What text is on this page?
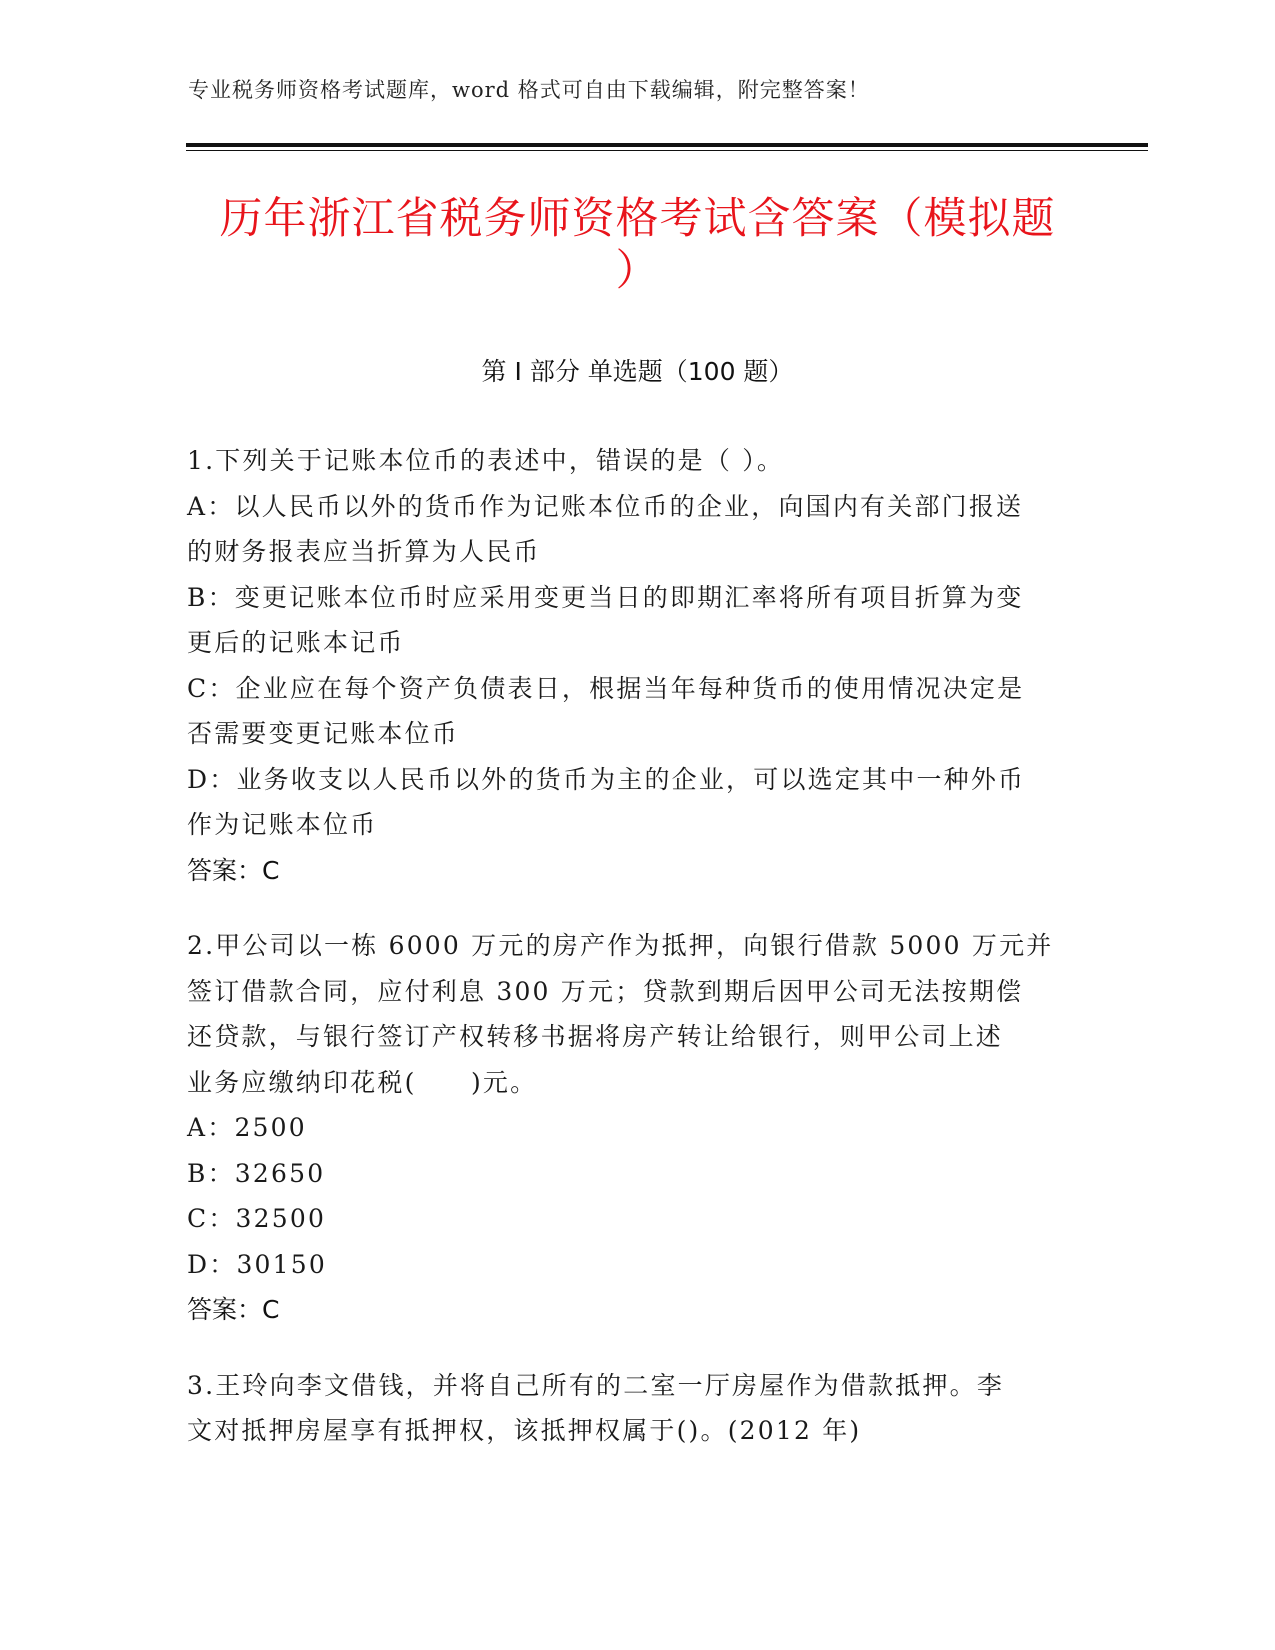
专业税务师资格考试题库，word 格式可自由下载编辑，附完整答案！
历年浙江省税务师资格考试含答案（模拟题
）
第 I 部分 单选题（100 题）

1.下列关于记账本位币的表述中，错误的是（ ）。

A：以人民币以外的货币作为记账本位币的企业，向国内有关部门报送

的财务报表应当折算为人民币

B：变更记账本位币时应采用变更当日的即期汇率将所有项目折算为变

更后的记账本记币

C：企业应在每个资产负债表日，根据当年每种货币的使用情况决定是

否需要变更记账本位币

D：业务收支以人民币以外的货币为主的企业，可以选定其中一种外币

作为记账本位币

答案：C

2.甲公司以一栋 6000 万元的房产作为抵押，向银行借款 5000 万元并

签订借款合同，应付利息 300 万元；贷款到期后因甲公司无法按期偿

还贷款，与银行签订产权转移书据将房产转让给银行，则甲公司上述

业务应缴纳印花税(　　)元。

A：2500

B：32650

C：32500

D：30150

答案：C

3.王玲向李文借钱，并将自己所有的二室一厅房屋作为借款抵押。李

文对抵押房屋享有抵押权，该抵押权属于()。(2012 年)
